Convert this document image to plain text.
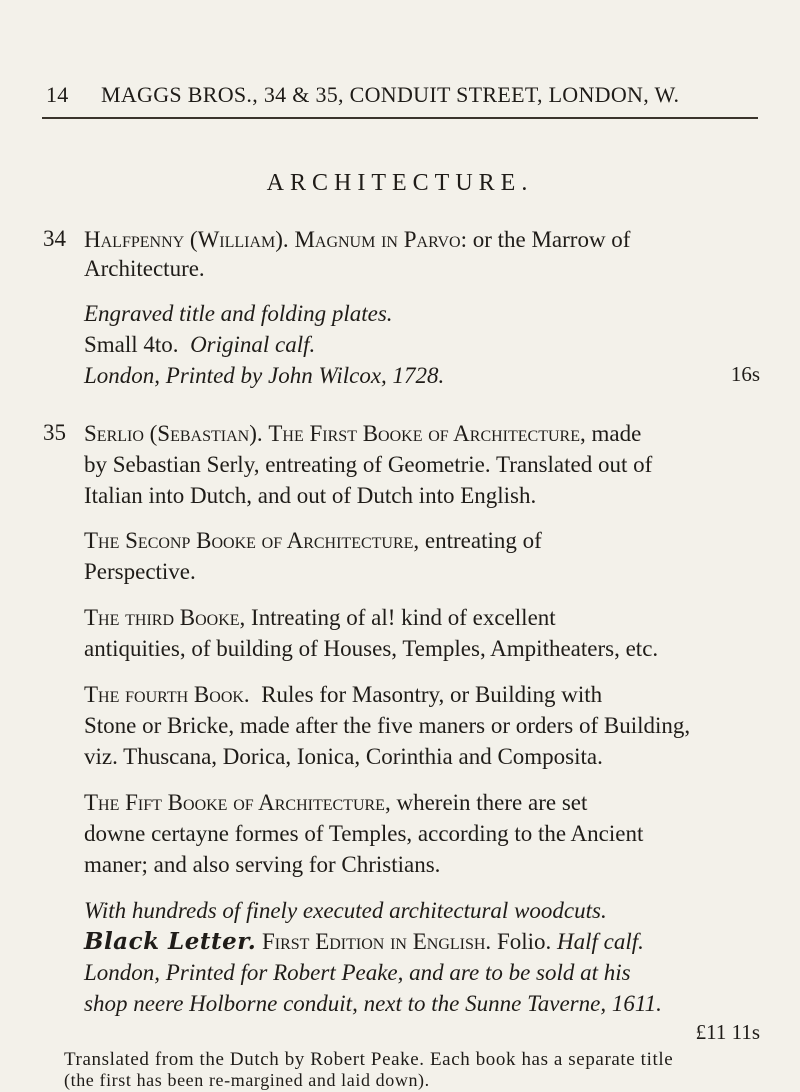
14 MAGGS BROS., 34 & 35, CONDUIT STREET, LONDON, W.
ARCHITECTURE.
34 Halfpenny (William). Magnum in Parvo: or the Marrow of
Architecture.
Engraved title and folding plates.
Small 4to. Original calf.
London, Printed by John Wilcox, 1728.	16s
35 Serlio (Sebastian). The First Booke of Architecture, made
by Sebastian Serly, entreating of Geometrie. Translated out of
Italian into Dutch, and out of Dutch into English.
The Seconp Booke of Architecture, entreating of
Perspective.
The third Booke, Intreating of al! kind of excellent
antiquities, of building of Houses, Temples, Ampitheaters, etc.
The fourth Book. Rules for Masontry, or Building with
Stone or Bricke, made after the five maners or orders of Building,
viz. Thuscana, Dorica, Ionica, Corinthia and Composita.
The Fift Booke of Architecture, wherein there are set
downe certayne formes of Temples, according to the Ancient
maner; and also serving for Christians.
With hundreds of finely executed architectural woodcuts.
Black Letter. First Edition in English. Folio. Half calf.
London, Printed for Robert Peake, and are to be sold at his
shop neere Holborne conduit, next to the Sunne Taverne, 1611.
£11 11s
Translated from the Dutch by Robert Peake. Each book has a separate title
(the first has been re-margined and laid down).
